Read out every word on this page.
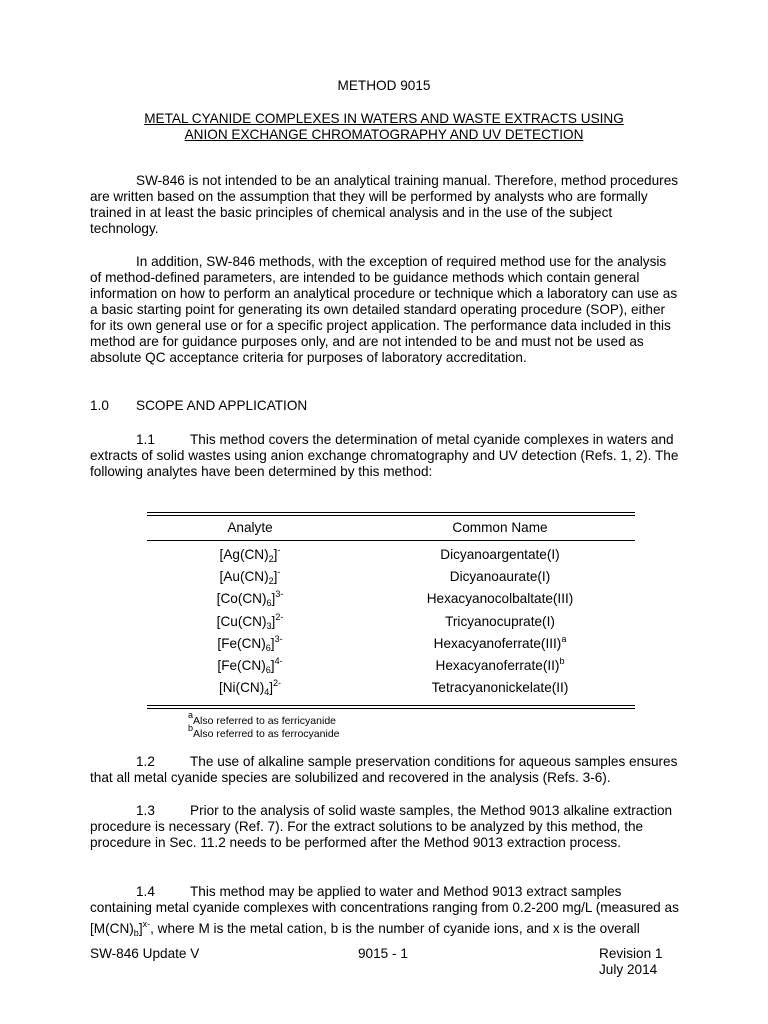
METHOD 9015
METAL CYANIDE COMPLEXES IN WATERS AND WASTE EXTRACTS USING
ANION EXCHANGE CHROMATOGRAPHY AND UV DETECTION

SW-846 is not intended to be an analytical training manual. Therefore, method procedures are written based on the assumption that they will be performed by analysts who are formally trained in at least the basic principles of chemical analysis and in the use of the subject technology.

In addition, SW-846 methods, with the exception of required method use for the analysis of method-defined parameters, are intended to be guidance methods which contain general information on how to perform an analytical procedure or technique which a laboratory can use as a basic starting point for generating its own detailed standard operating procedure (SOP), either for its own general use or for a specific project application. The performance data included in this method are for guidance purposes only, and are not intended to be and must not be used as absolute QC acceptance criteria for purposes of laboratory accreditation.

1.0 SCOPE AND APPLICATION

1.1	This method covers the determination of metal cyanide complexes in waters and extracts of solid wastes using anion exchange chromatography and UV detection (Refs. 1, 2). The following analytes have been determined by this method:

Analyte	Common Name
$[Ag(CN)_2]^-$	Dicyanoargentate(I)
$[Au(CN)_2]^-$	Dicyanoaurate(I)
$[Co(CN)_6]^{3-}$	Hexacyanocolbaltate(III)
$[Cu(CN)_3]^{2-}$	Tricyanocuprate(I)
$[Fe(CN)_6]^{3-}$	Hexacyanoferrate(III)$^a$
$[Fe(CN)_6]^{4-}$	Hexacyanoferrate(II)$^b$
$[Ni(CN)_4]^{2-}$	Tetracyanonickelate(II)
$^a$Also referred to as ferricyanide
$^b$Also referred to as ferrocyanide

1.2	The use of alkaline sample preservation conditions for aqueous samples ensures that all metal cyanide species are solubilized and recovered in the analysis (Refs. 3-6).

1.3	Prior to the analysis of solid waste samples, the Method 9013 alkaline extraction procedure is necessary (Ref. 7). For the extract solutions to be analyzed by this method, the procedure in Sec. 11.2 needs to be performed after the Method 9013 extraction process.

1.4	This method may be applied to water and Method 9013 extract samples containing metal cyanide complexes with concentrations ranging from 0.2-200 mg/L (measured as $[M(CN)_b]^{x-}$, where M is the metal cation, b is the number of cyanide ions, and x is the overall

SW-846 Update V	9015 - 1	Revision 1
July 2014
